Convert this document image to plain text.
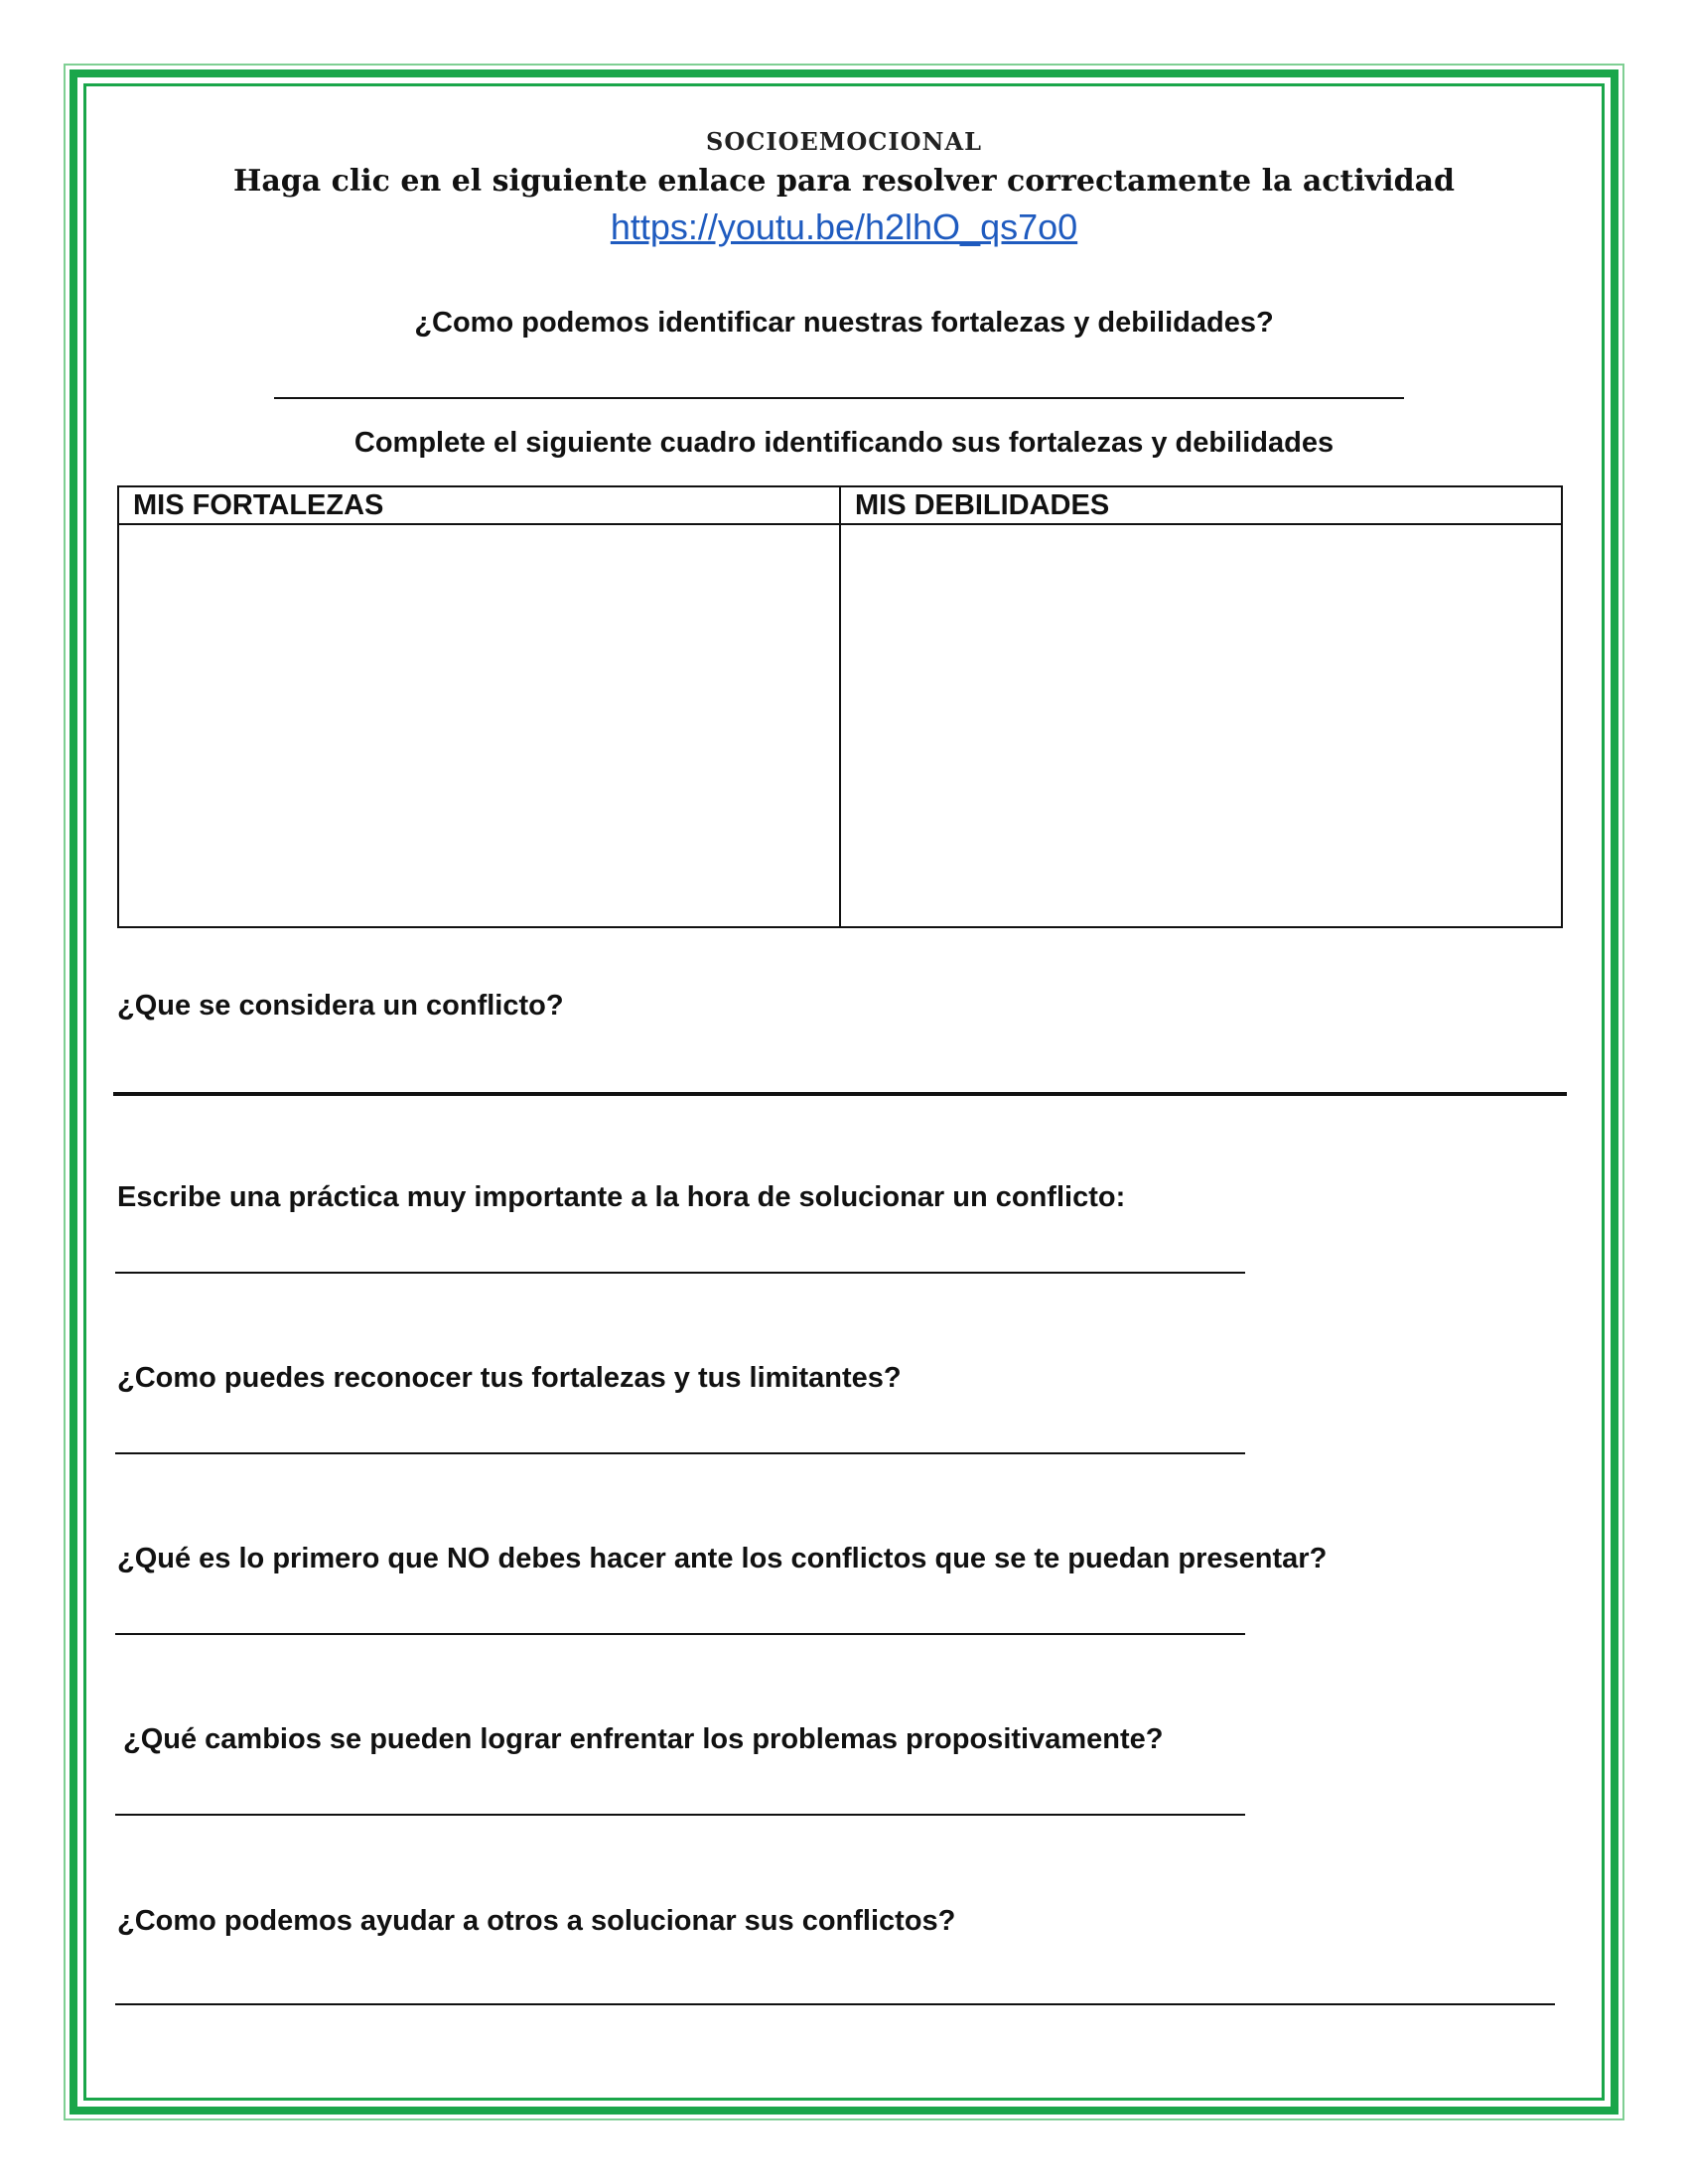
SOCIOEMOCIONAL
Haga clic en el siguiente enlace para resolver correctamente la actividad
https://youtu.be/h2lhO_qs7o0
¿Como podemos identificar nuestras fortalezas y debilidades?
Complete el siguiente cuadro identificando sus fortalezas y debilidades
MIS FORTALEZAS	MIS DEBILIDADES

¿Que se considera un conflicto?
Escribe una práctica muy importante a la hora de solucionar un conflicto:
¿Como puedes reconocer tus fortalezas y tus limitantes?
¿Qué es lo primero que NO debes hacer ante los conflictos que se te puedan presentar?
¿Qué cambios se pueden lograr enfrentar los problemas propositivamente?
¿Como podemos ayudar a otros a solucionar sus conflictos?
